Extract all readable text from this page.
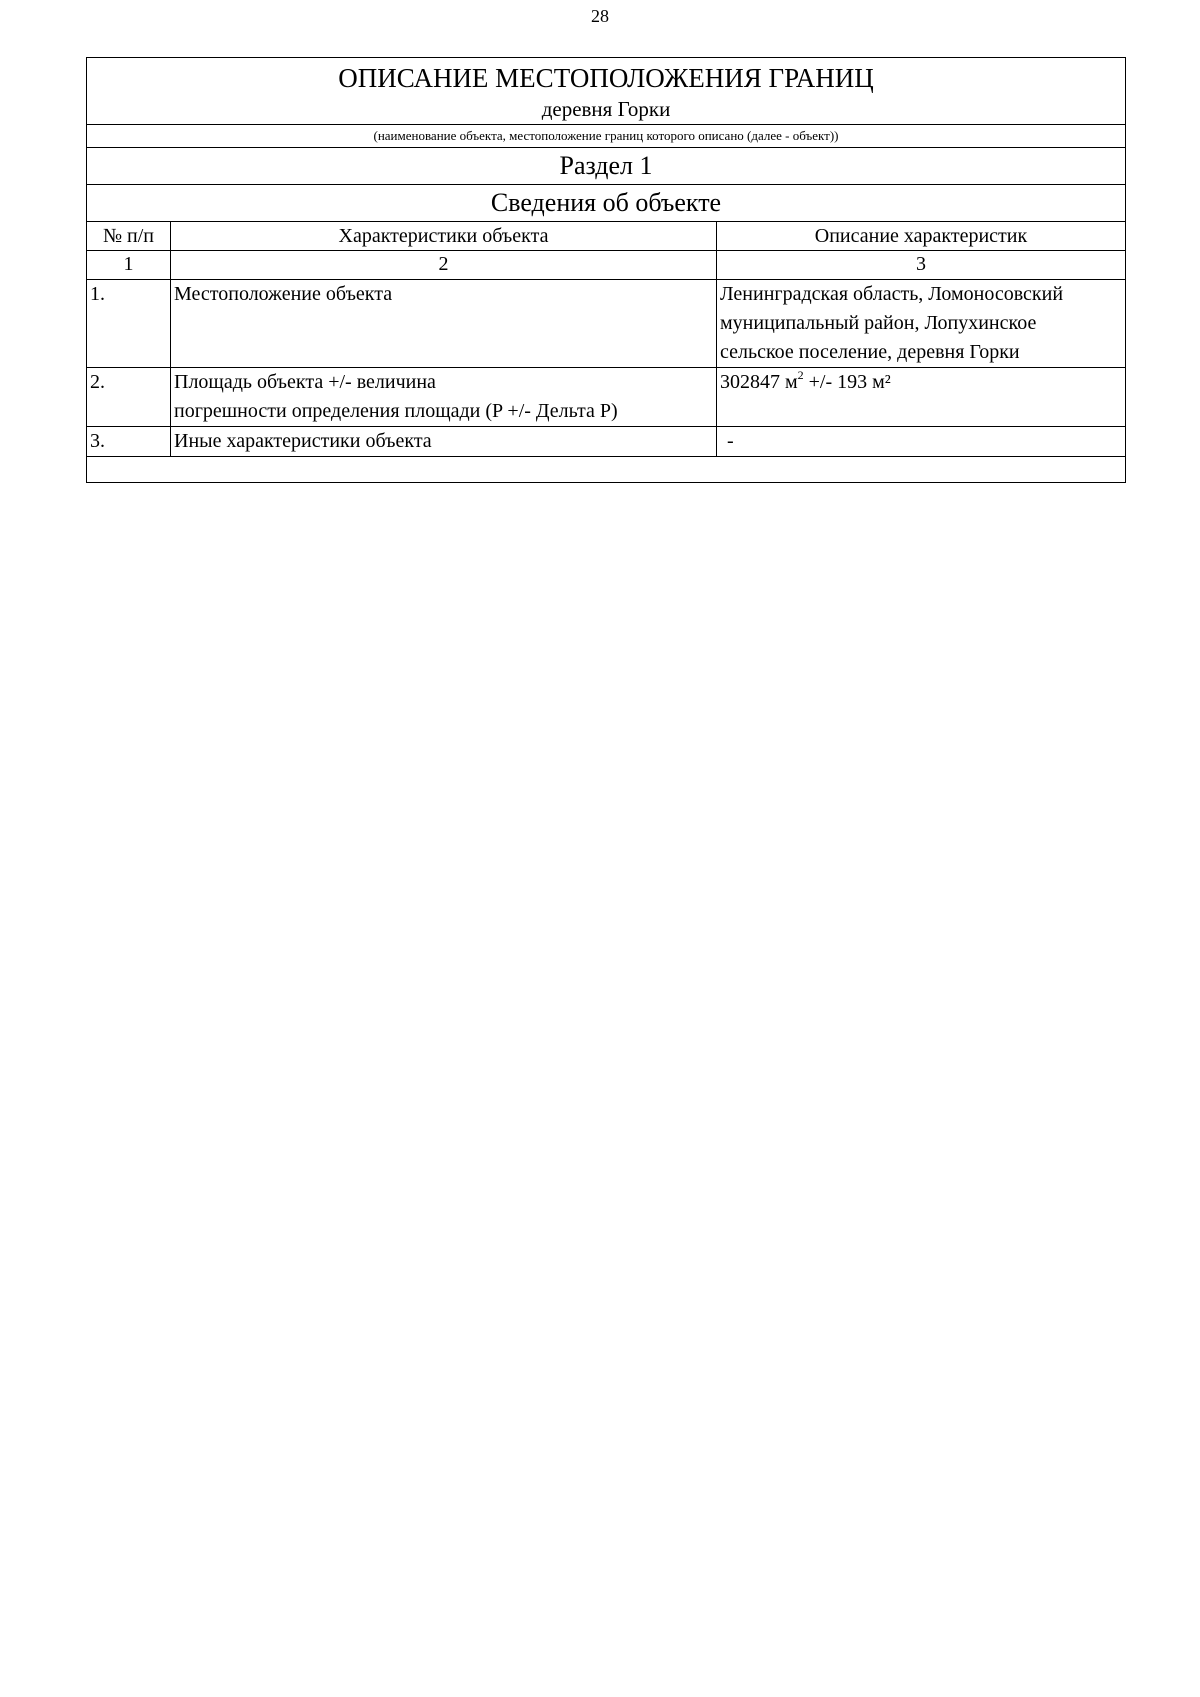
28
ОПИСАНИЕ МЕСТОПОЛОЖЕНИЯ ГРАНИЦ
деревня Горки		

(наименование объекта, местоположение границ которого описано (далее - объект))		
Раздел 1		
Сведения об объекте		
№ п/п	Характеристики объекта	Описание характеристик
1	2	3
1.	Местоположение объекта	Ленинградская область, Ломоносовский
муниципальный район, Лопухинское
сельское поселение, деревня Горки

2.	Площадь объекта +/- величина
погрешности определения площади (P +/- Дельта P)	302847 $м^2$ +/- 193 м²

3.	Иные характеристики объекта	-
